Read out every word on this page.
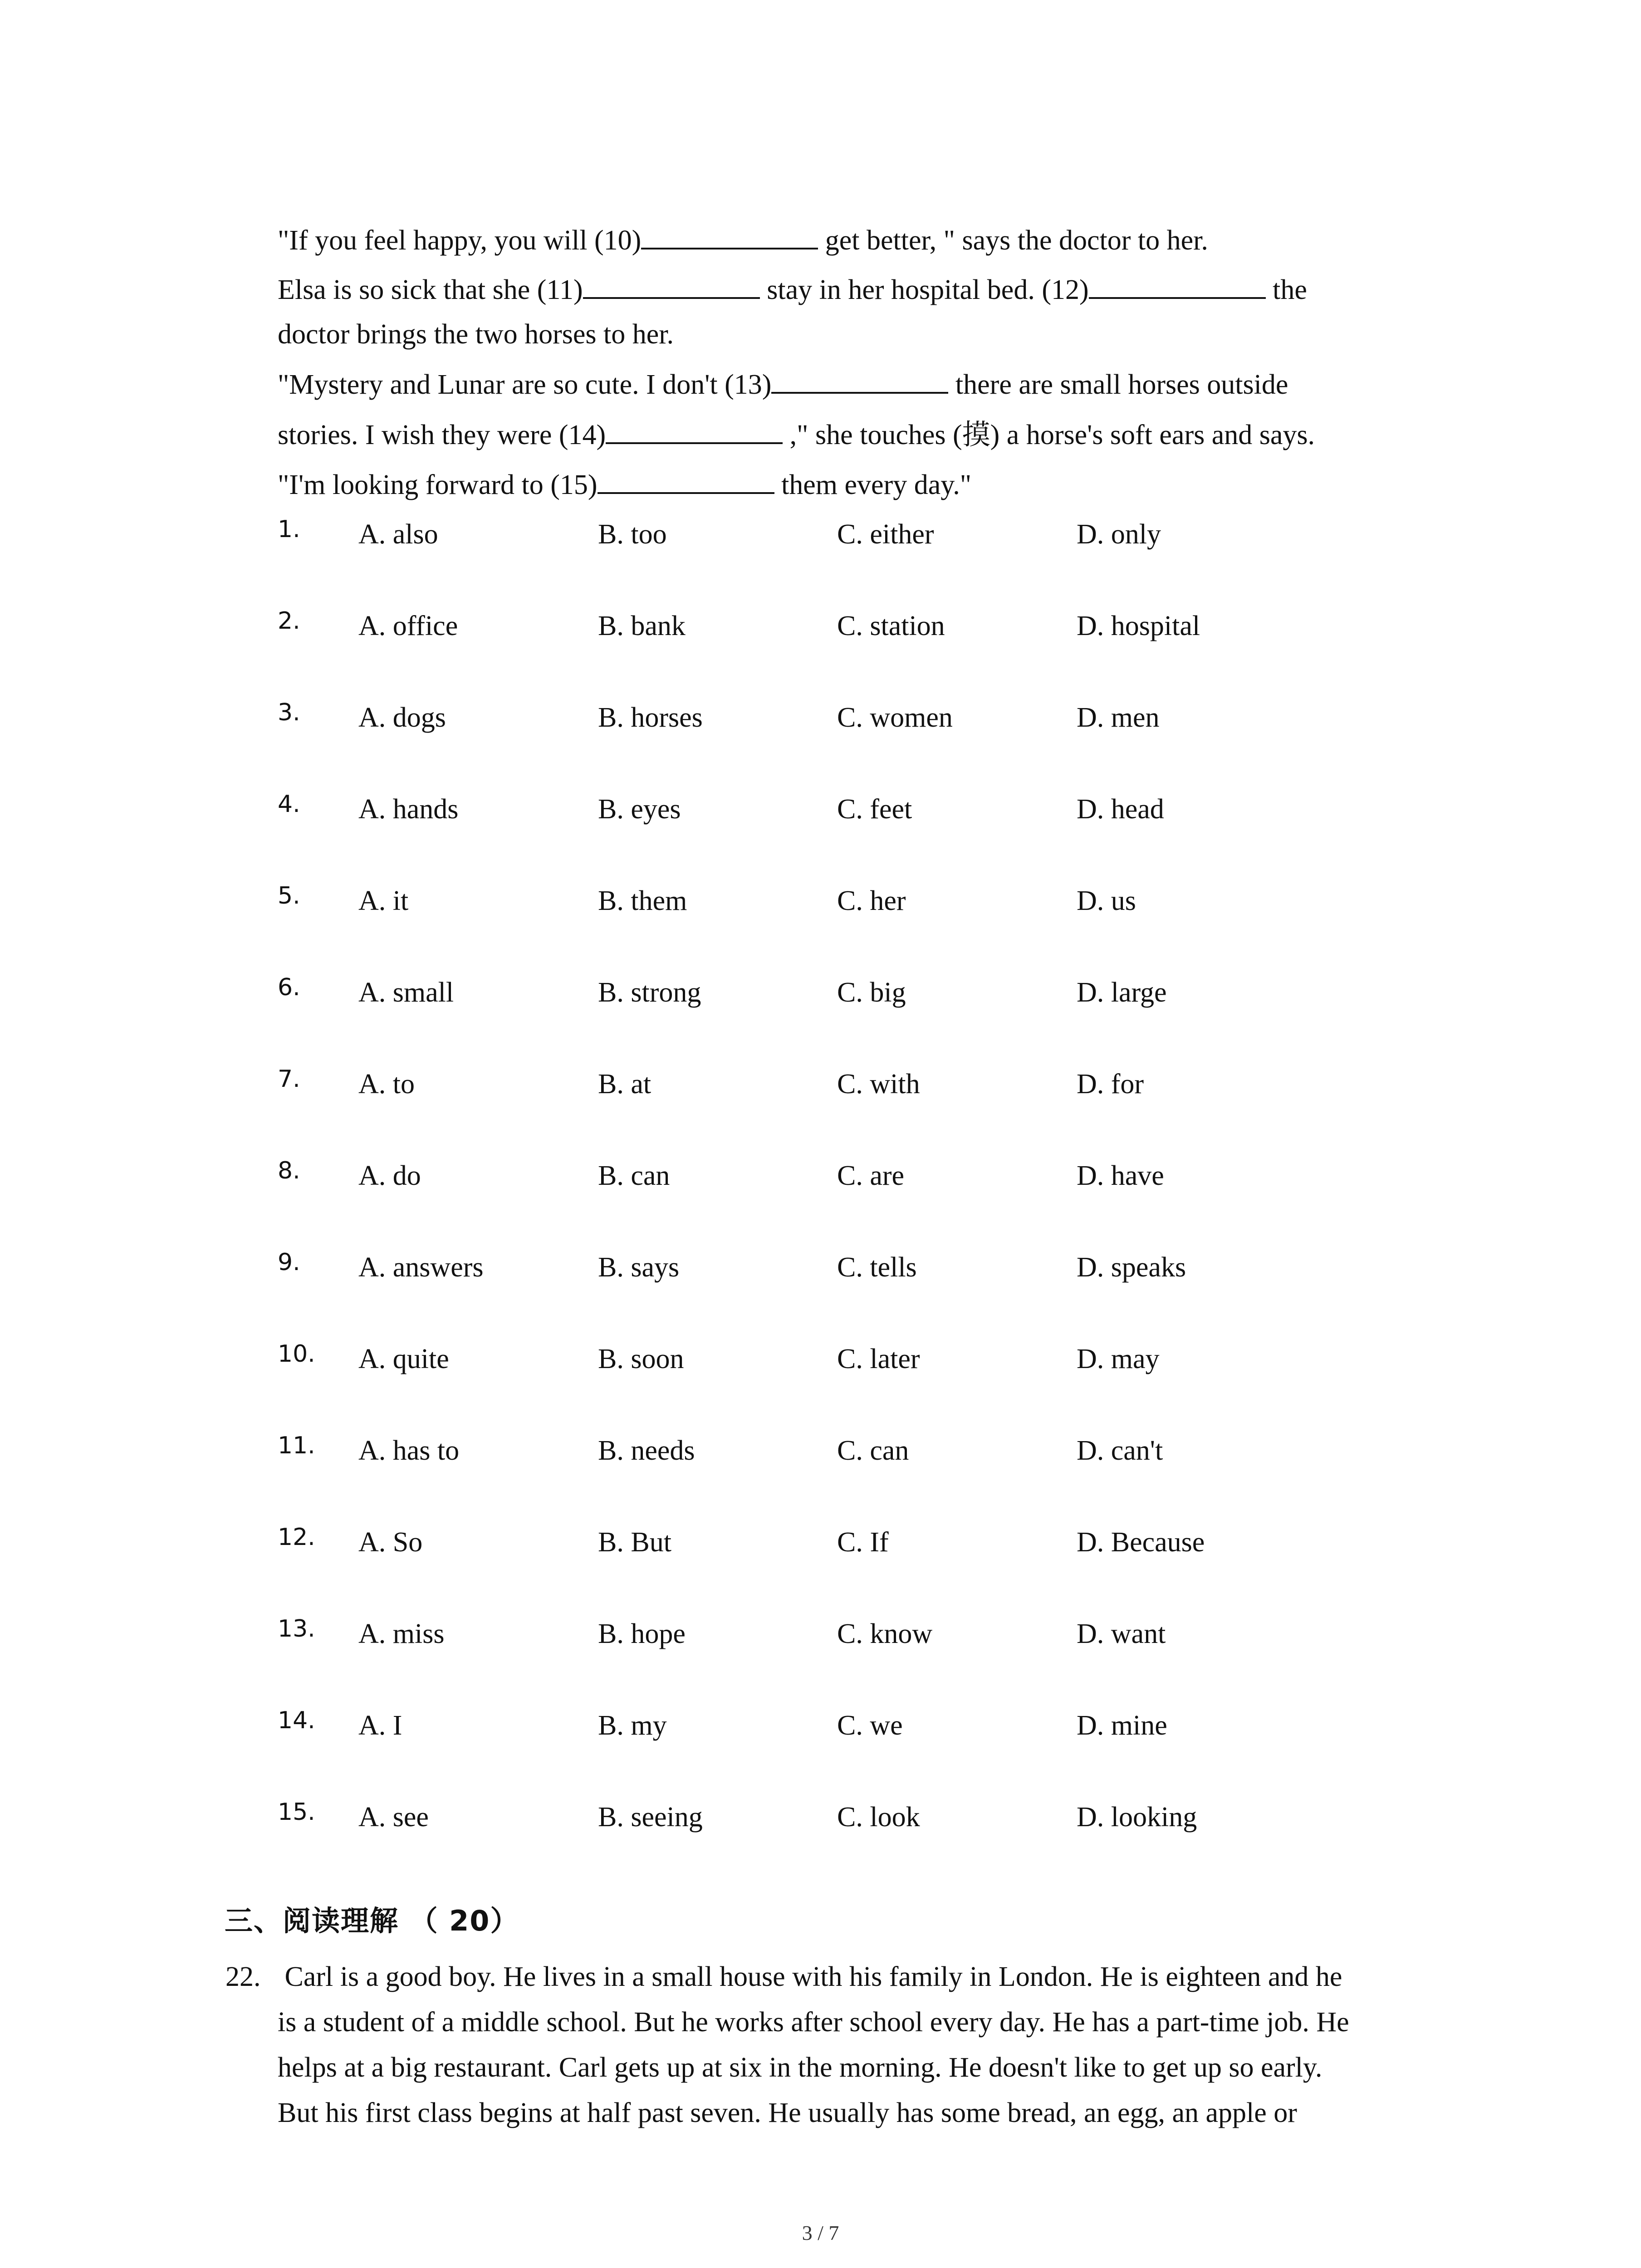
"If you feel happy, you will (10)	get better, " says the doctor to her.
Elsa is so sick that she (11)	stay in her hospital bed. (12)	the
doctor brings the two horses to her.
"Mystery and Lunar are so cute. I don't (13)	there are small horses outside
stories. I wish they were (14)	," she touches (摸) a horse's soft ears and says.
"I'm looking forward to (15)	them every day."
1. A. also	B. too	C. either	D. only
2. A. office	B. bank	C. station	D. hospital
3. A. dogs	B. horses	C. women	D. men
4. A. hands	B. eyes	C. feet	D. head
5. A. it	B. them	C. her	D. us
6. A. small	B. strong	C. big	D. large
7. A. to	B. at	C. with	D. for
8. A. do	B. can	C. are	D. have
9. A. answers	B. says	C. tells	D. speaks
10. A. quite	B. soon	C. later	D. may
11. A. has to	B. needs	C. can	D. can't
12. A. So	B. But	C. If	D. Because
13. A. miss	B. hope	C. know	D. want
14. A. I	B. my	C. we	D. mine
15. A. see	B. seeing	C. look	D. looking
三、阅读理解 （ 20）
22. Carl is a good boy. He lives in a small house with his family in London. He is eighteen and he
is a student of a middle school. But he works after school every day. He has a part-time job. He
helps at a big restaurant. Carl gets up at six in the morning. He doesn't like to get up so early.
But his first class begins at half past seven. He usually has some bread, an egg, an apple or
3 / 7
